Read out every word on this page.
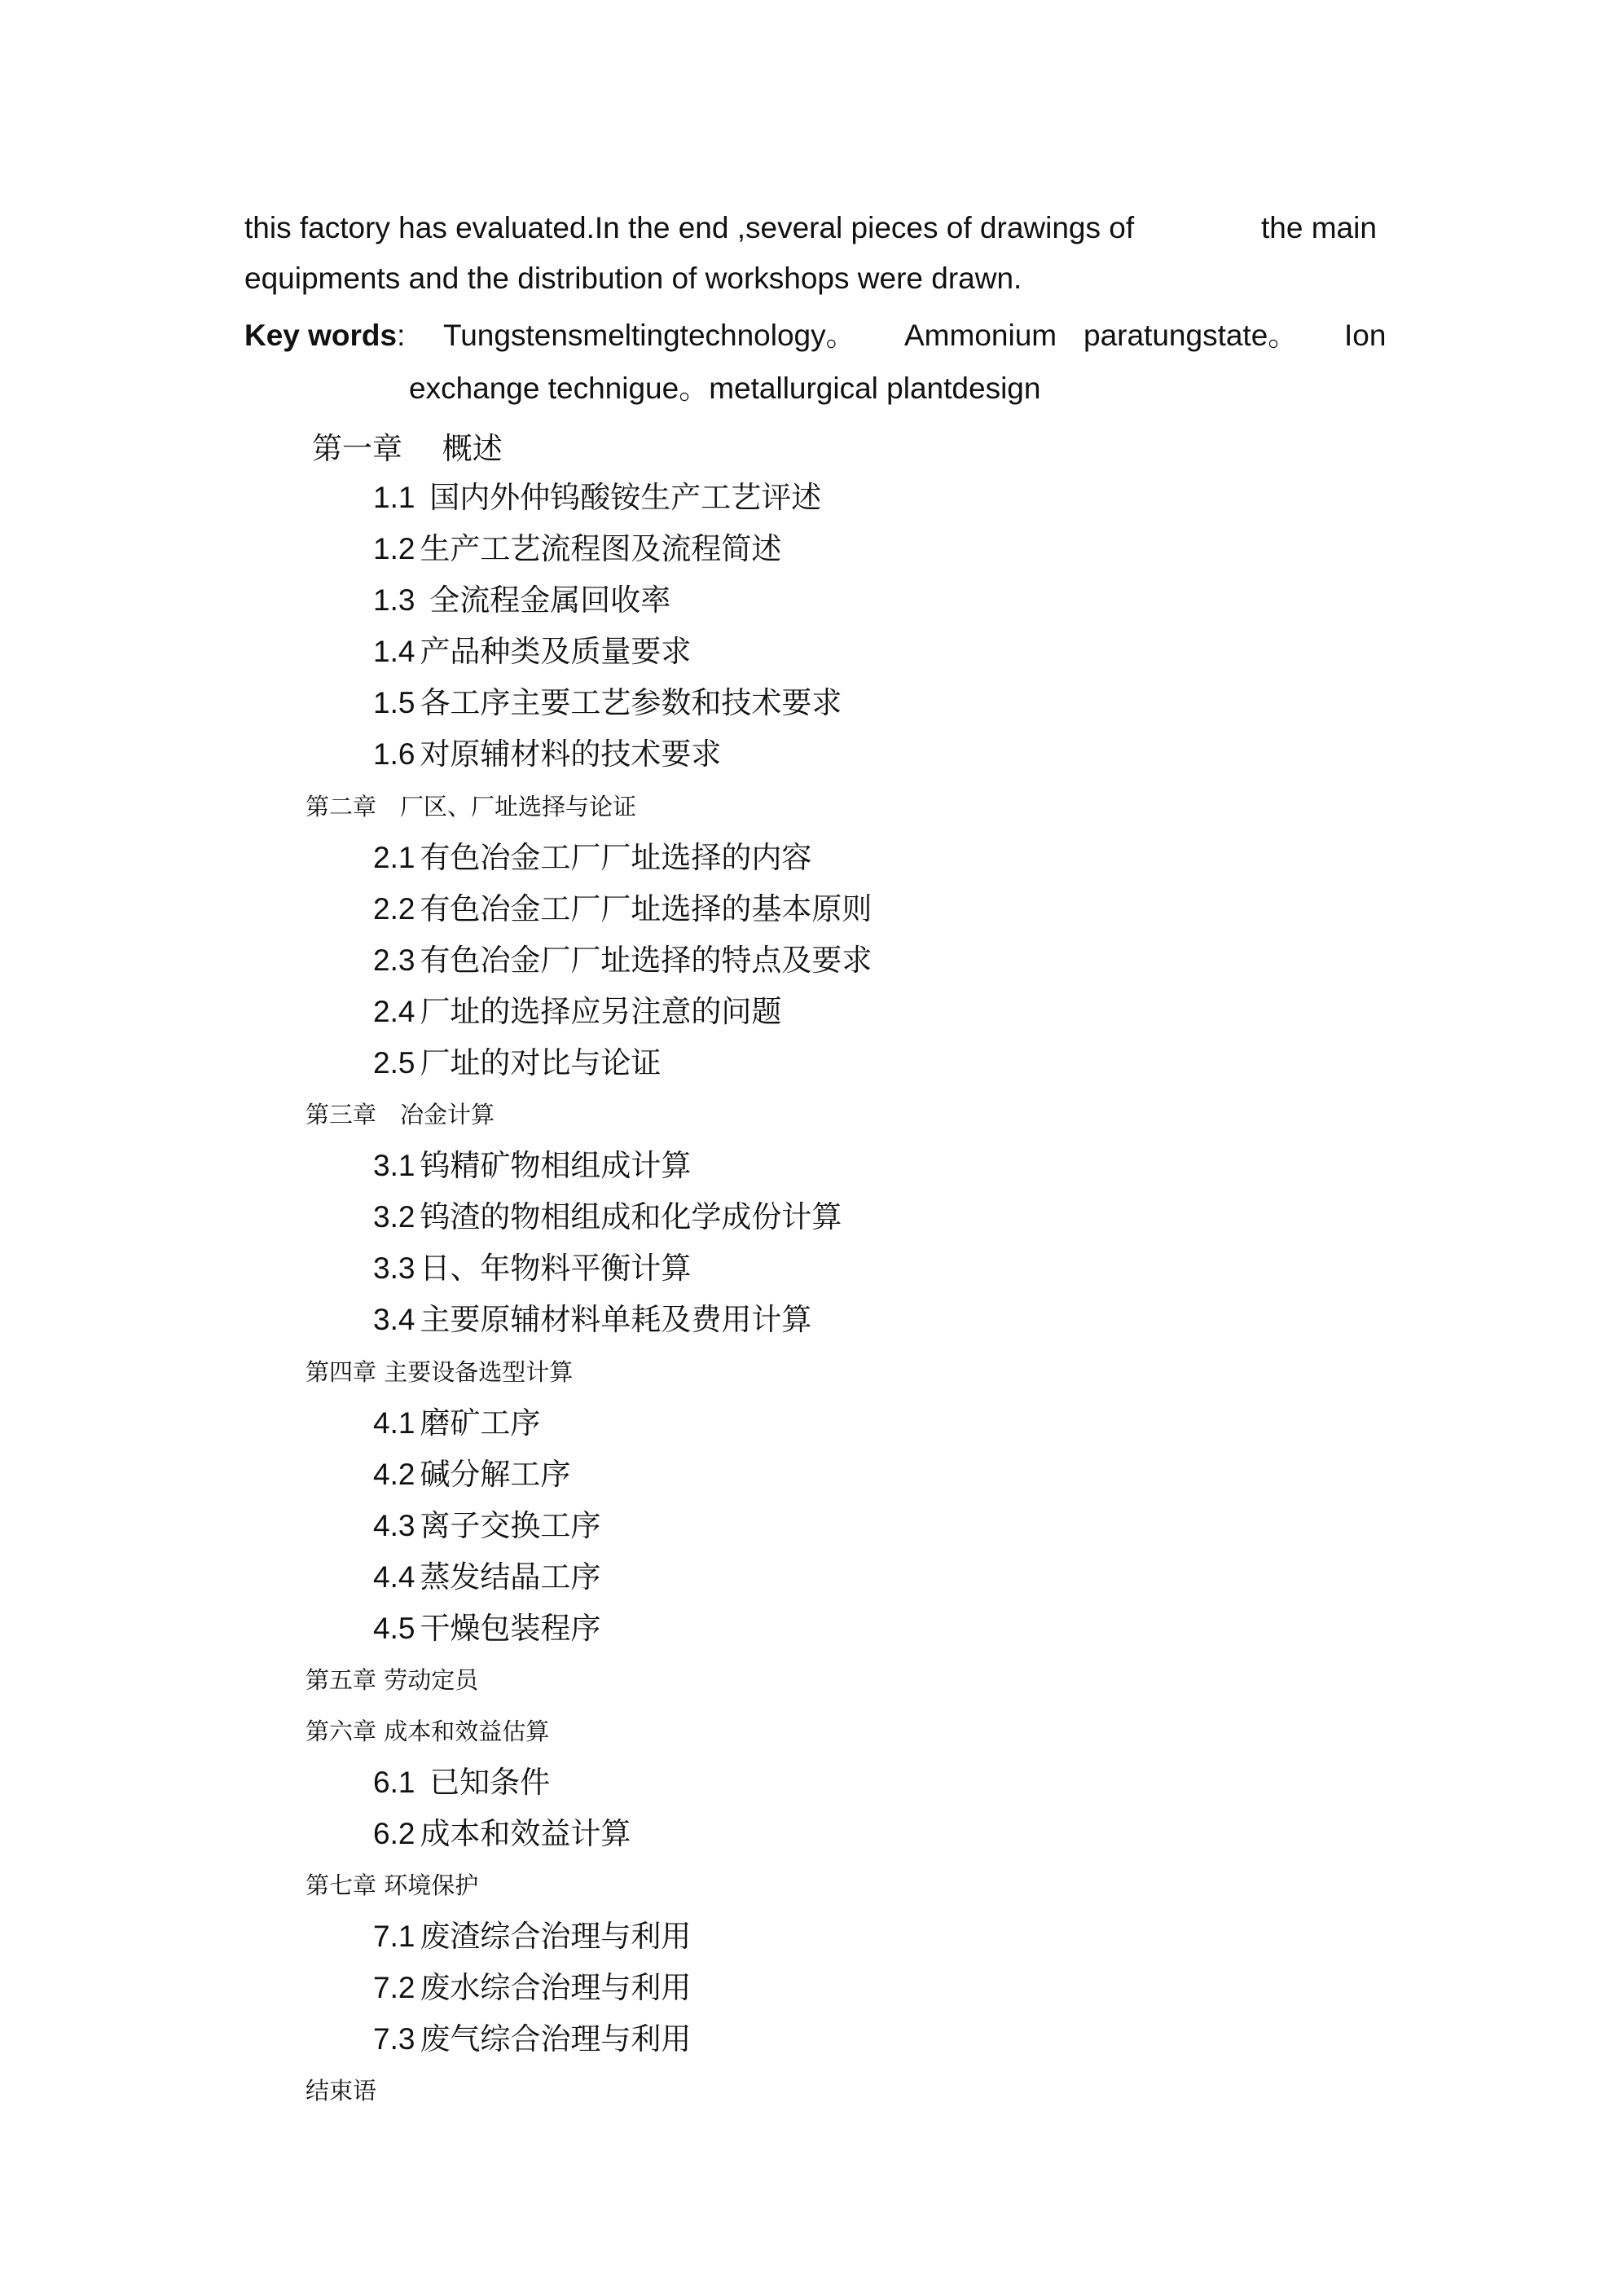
this factory has evaluated.In the end ,several pieces of drawings of	the main
equipments and the distribution of workshops were drawn.
Key words: Tungstensmeltingtechnology。 Ammonium paratungstate。 Ion
exchange technigue。metallurgical plantdesign
第一章　 概述
1.1 国内外仲钨酸铵生产工艺评述
1.2 生产工艺流程图及流程简述
1.3 全流程金属回收率
1.4 产品种类及质量要求
1.5 各工序主要工艺参数和技术要求
1.6 对原辅材料的技术要求
第二章　厂区、厂址选择与论证
2.1 有色冶金工厂厂址选择的内容
2.2 有色冶金工厂厂址选择的基本原则
2.3 有色冶金厂厂址选择的特点及要求
2.4 厂址的选择应另注意的问题
2.5 厂址的对比与论证
第三章　冶金计算
3.1 钨精矿物相组成计算
3.2 钨渣的物相组成和化学成份计算
3.3 日、年物料平衡计算
3.4 主要原辅材料单耗及费用计算
第四章 主要设备选型计算
4.1 磨矿工序
4.2 碱分解工序
4.3 离子交换工序
4.4 蒸发结晶工序
4.5 干燥包装程序
第五章 劳动定员
第六章 成本和效益估算
6.1 已知条件
6.2 成本和效益计算
第七章 环境保护
7.1 废渣综合治理与利用
7.2 废水综合治理与利用
7.3 废气综合治理与利用
结束语
